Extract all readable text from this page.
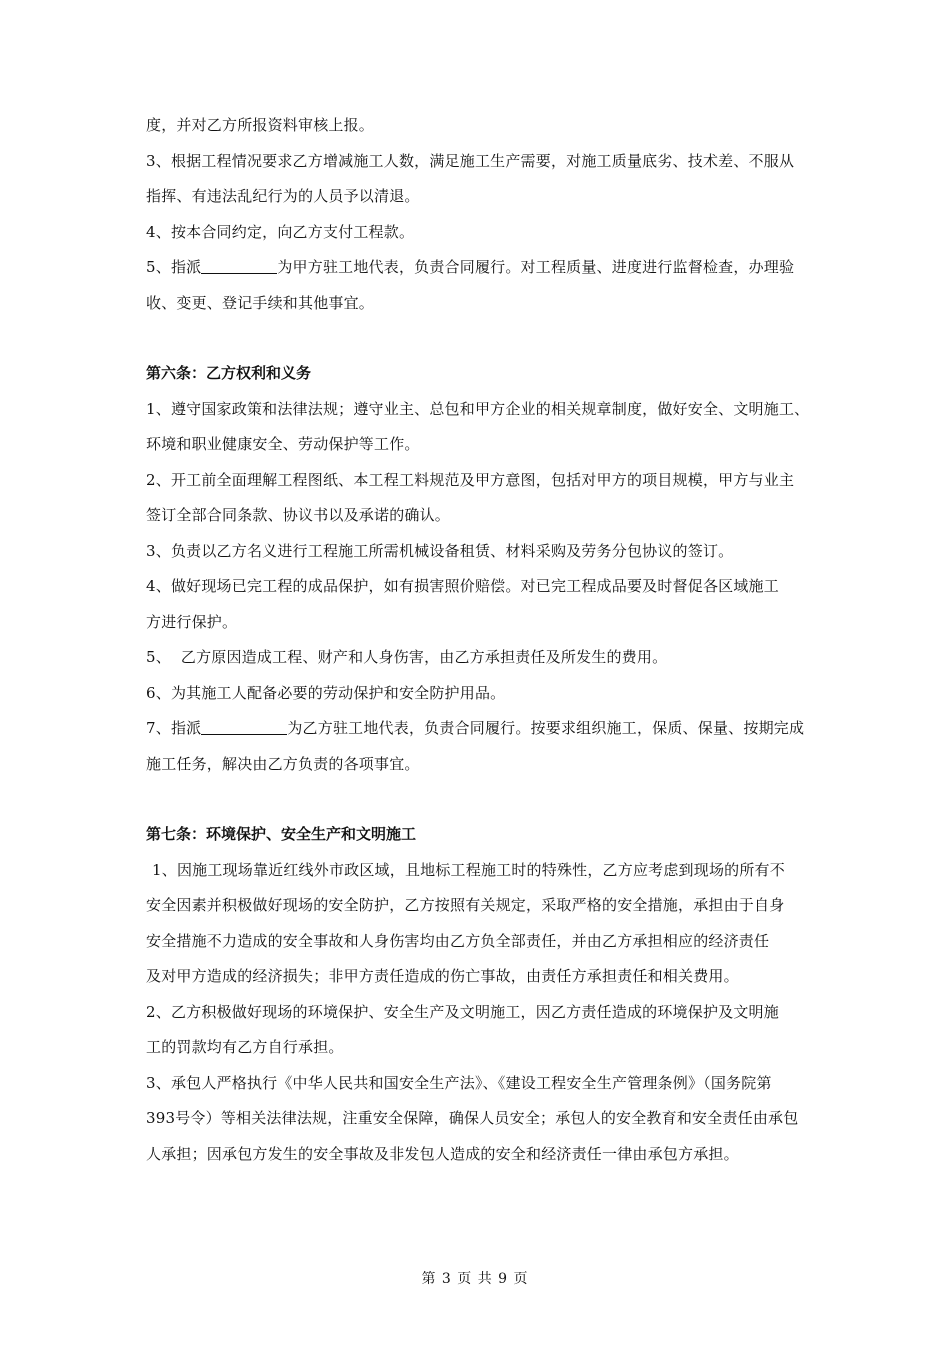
度，并对乙方所报资料审核上报。
3、根据工程情况要求乙方增减施工人数，满足施工生产需要，对施工质量底劣、技术差、不服从
指挥、有违法乱纪行为的人员予以清退。
4、按本合同约定，向乙方支付工程款。
5、指派	为甲方驻工地代表，负责合同履行。对工程质量、进度进行监督检查，办理验
收、变更、登记手续和其他事宜。
第六条：乙方权利和义务
1、遵守国家政策和法律法规；遵守业主、总包和甲方企业的相关规章制度，做好安全、文明施工、
环境和职业健康安全、劳动保护等工作。
2、开工前全面理解工程图纸、本工程工料规范及甲方意图，包括对甲方的项目规模，甲方与业主
签订全部合同条款、协议书以及承诺的确认。
3、负责以乙方名义进行工程施工所需机械设备租赁、材料采购及劳务分包协议的签订。
4、做好现场已完工程的成品保护，如有损害照价赔偿。对已完工程成品要及时督促各区域施工
方进行保护。
5、  乙方原因造成工程、财产和人身伤害，由乙方承担责任及所发生的费用。
6、为其施工人配备必要的劳动保护和安全防护用品。
7、指派	为乙方驻工地代表，负责合同履行。按要求组织施工，保质、保量、按期完成
施工任务，解决由乙方负责的各项事宜。
第七条：环境保护、安全生产和文明施工
1、因施工现场靠近红线外市政区域，且地标工程施工时的特殊性，乙方应考虑到现场的所有不
安全因素并积极做好现场的安全防护，乙方按照有关规定，采取严格的安全措施，承担由于自身
安全措施不力造成的安全事故和人身伤害均由乙方负全部责任，并由乙方承担相应的经济责任
及对甲方造成的经济损失；非甲方责任造成的伤亡事故，由责任方承担责任和相关费用。
2、乙方积极做好现场的环境保护、安全生产及文明施工，因乙方责任造成的环境保护及文明施
工的罚款均有乙方自行承担。
3、承包人严格执行《中华人民共和国安全生产法》、《建设工程安全生产管理条例》（国务院第
393号令）等相关法律法规，注重安全保障，确保人员安全；承包人的安全教育和安全责任由承包
人承担；因承包方发生的安全事故及非发包人造成的安全和经济责任一律由承包方承担。
第 3 页 共 9 页
